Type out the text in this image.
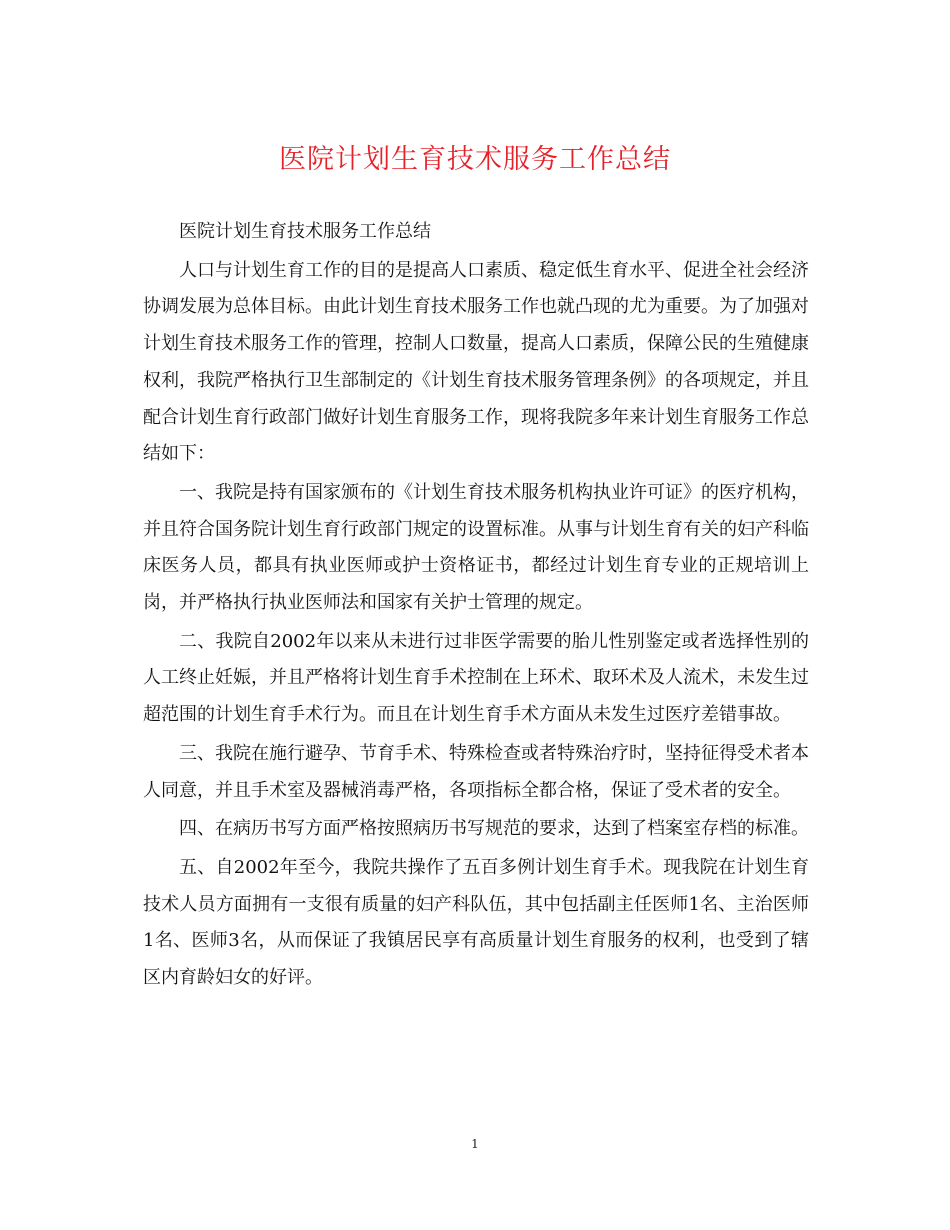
医院计划生育技术服务工作总结

医院计划生育技术服务工作总结

人口与计划生育工作的目的是提高人口素质、稳定低生育水平、促进全社会经济协调发展为总体目标。由此计划生育技术服务工作也就凸现的尤为重要。为了加强对计划生育技术服务工作的管理，控制人口数量，提高人口素质，保障公民的生殖健康权利，我院严格执行卫生部制定的《计划生育技术服务管理条例》的各项规定，并且配合计划生育行政部门做好计划生育服务工作，现将我院多年来计划生育服务工作总结如下：

一、我院是持有国家颁布的《计划生育技术服务机构执业许可证》的医疗机构，并且符合国务院计划生育行政部门规定的设置标准。从事与计划生育有关的妇产科临床医务人员，都具有执业医师或护士资格证书，都经过计划生育专业的正规培训上岗，并严格执行执业医师法和国家有关护士管理的规定。

二、我院自2002年以来从未进行过非医学需要的胎儿性别鉴定或者选择性别的人工终止妊娠，并且严格将计划生育手术控制在上环术、取环术及人流术，未发生过超范围的计划生育手术行为。而且在计划生育手术方面从未发生过医疗差错事故。

三、我院在施行避孕、节育手术、特殊检查或者特殊治疗时，坚持征得受术者本人同意，并且手术室及器械消毒严格，各项指标全都合格，保证了受术者的安全。

四、在病历书写方面严格按照病历书写规范的要求，达到了档案室存档的标准。

五、自2002年至今，我院共操作了五百多例计划生育手术。现我院在计划生育技术人员方面拥有一支很有质量的妇产科队伍，其中包括副主任医师1名、主治医师1名、医师3名，从而保证了我镇居民享有高质量计划生育服务的权利，也受到了辖区内育龄妇女的好评。

1
